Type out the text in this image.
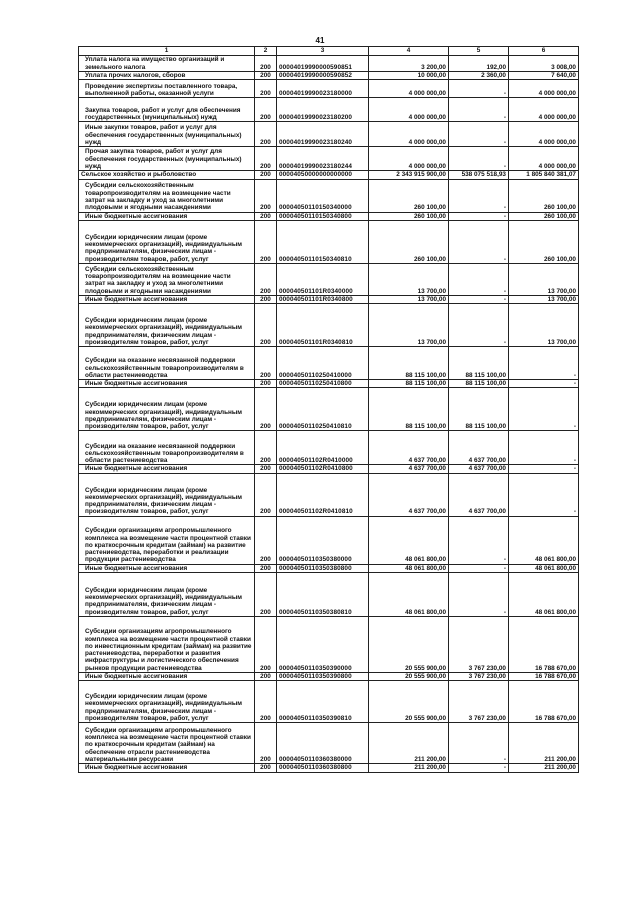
41
1	2	3	4	5	6
Уплата налога на имущество организаций и земельного налога	200	00004019990000590851	3 200,00	192,00	3 008,00
Уплата прочих налогов, сборов	200	00004019990000590852	10 000,00	2 360,00	7 640,00
Проведение экспертизы поставленного товара, выполненной работы, оказанной услуги	200	00004019990023180000	4 000 000,00	-	4 000 000,00
Закупка товаров, работ и услуг для обеспечения государственных (муниципальных) нужд	200	00004019990023180200	4 000 000,00	-	4 000 000,00
Иные закупки товаров, работ и услуг для обеспечения государственных (муниципальных) нужд	200	00004019990023180240	4 000 000,00	-	4 000 000,00
Прочая закупка товаров, работ и услуг для обеспечения государственных (муниципальных) нужд	200	00004019990023180244	4 000 000,00	-	4 000 000,00
Сельское хозяйство и рыболовство	200	00004050000000000000	2 343 915 900,00	538 075 518,93	1 805 840 381,07
Субсидии сельскохозяйственным товаропроизводителям на возмещение части затрат на закладку и уход за многолетними плодовыми и ягодными насаждениями	200	00004050110150340000	260 100,00	-	260 100,00
Иные бюджетные ассигнования	200	00004050110150340800	260 100,00	-	260 100,00
Субсидии юридическим лицам (кроме некоммерческих организаций), индивидуальным предпринимателям, физическим лицам - производителям товаров, работ, услуг	200	00004050110150340810	260 100,00	-	260 100,00
Субсидии сельскохозяйственным товаропроизводителям на возмещение части затрат на закладку и уход за многолетними плодовыми и ягодными насаждениями	200	000040501101R0340000	13 700,00	-	13 700,00
Иные бюджетные ассигнования	200	000040501101R0340800	13 700,00	-	13 700,00
Субсидии юридическим лицам (кроме некоммерческих организаций), индивидуальным предпринимателям, физическим лицам - производителям товаров, работ, услуг	200	000040501101R0340810	13 700,00	-	13 700,00
Субсидии на оказание несвязанной поддержки сельскохозяйственным товаропроизводителям в области растениеводства	200	00004050110250410000	88 115 100,00	88 115 100,00	-
Иные бюджетные ассигнования	200	00004050110250410800	88 115 100,00	88 115 100,00	-
Субсидии юридическим лицам (кроме некоммерческих организаций), индивидуальным предпринимателям, физическим лицам - производителям товаров, работ, услуг	200	00004050110250410810	88 115 100,00	88 115 100,00	-
Субсидии на оказание несвязанной поддержки сельскохозяйственным товаропроизводителям в области растениеводства	200	000040501102R0410000	4 637 700,00	4 637 700,00	-
Иные бюджетные ассигнования	200	000040501102R0410800	4 637 700,00	4 637 700,00	-
Субсидии юридическим лицам (кроме некоммерческих организаций), индивидуальным предпринимателям, физическим лицам - производителям товаров, работ, услуг	200	000040501102R0410810	4 637 700,00	4 637 700,00	-
Субсидии организациям агропромышленного комплекса на возмещение части процентной ставки по краткосрочным кредитам (займам) на развитие растениеводства, переработки и реализации продукции растениеводства	200	00004050110350380000	48 061 800,00	-	48 061 800,00
Иные бюджетные ассигнования	200	00004050110350380800	48 061 800,00	-	48 061 800,00
Субсидии юридическим лицам (кроме некоммерческих организаций), индивидуальным предпринимателям, физическим лицам - производителям товаров, работ, услуг	200	00004050110350380810	48 061 800,00	-	48 061 800,00
Субсидии организациям агропромышленного комплекса на возмещение части процентной ставки по инвестиционным кредитам (займам) на развитие растениеводства, переработки и развития инфраструктуры и логистического обеспечения рынков продукции растениеводства	200	00004050110350390000	20 555 900,00	3 767 230,00	16 788 670,00
Иные бюджетные ассигнования	200	00004050110350390800	20 555 900,00	3 767 230,00	16 788 670,00
Субсидии юридическим лицам (кроме некоммерческих организаций), индивидуальным предпринимателям, физическим лицам - производителям товаров, работ, услуг	200	00004050110350390810	20 555 900,00	3 767 230,00	16 788 670,00
Субсидии организациям агропромышленного комплекса на возмещение части процентной ставки по краткосрочным кредитам (займам) на обеспечение отрасли растениеводства материальными ресурсами	200	00004050110360380000	211 200,00	-	211 200,00
Иные бюджетные ассигнования	200	00004050110360380800	211 200,00	-	211 200,00
